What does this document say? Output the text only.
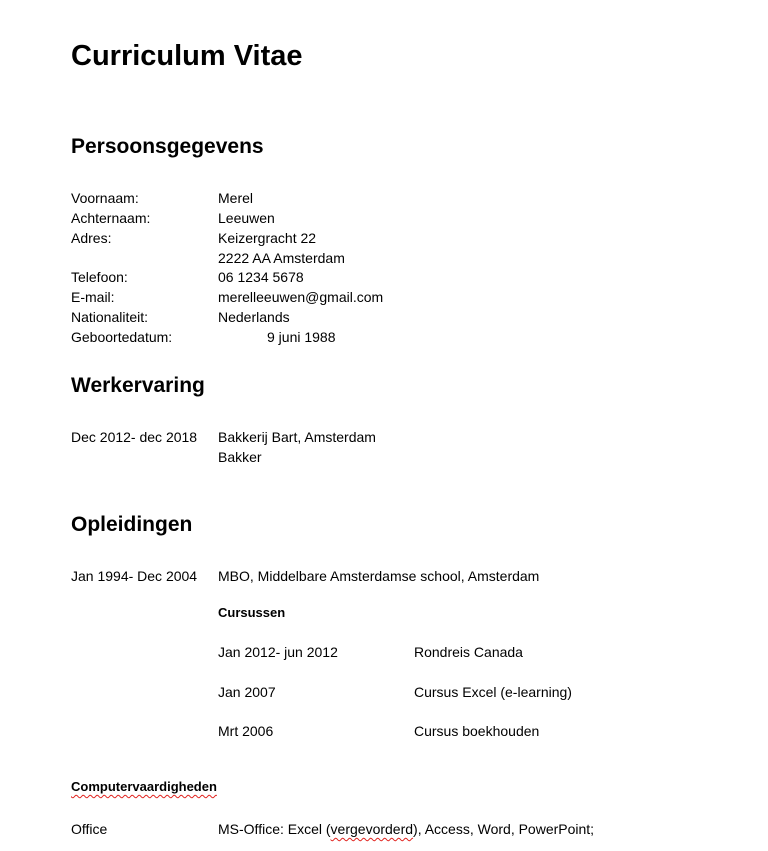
Curriculum Vitae
Persoonsgegevens
Voornaam:	Merel
Achternaam:	Leeuwen
Adres:	Keizergracht 22
2222 AA Amsterdam
Telefoon:	06 1234 5678
E-mail:	merelleeuwen@gmail.com
Nationaliteit:	Nederlands
Geboortedatum:	9 juni 1988
Werkervaring
Dec 2012- dec 2018 Bakkerij Bart, Amsterdam
Bakker
Opleidingen
Jan 1994- Dec 2004 MBO, Middelbare Amsterdamse school, Amsterdam
Cursussen
Jan 2012- jun 2012	Rondreis Canada
Jan 2007	Cursus Excel (e-learning)
Mrt 2006	Cursus boekhouden
Computervaardigheden
Office	MS-Office: Excel (vergevorderd), Access, Word, PowerPoint;
